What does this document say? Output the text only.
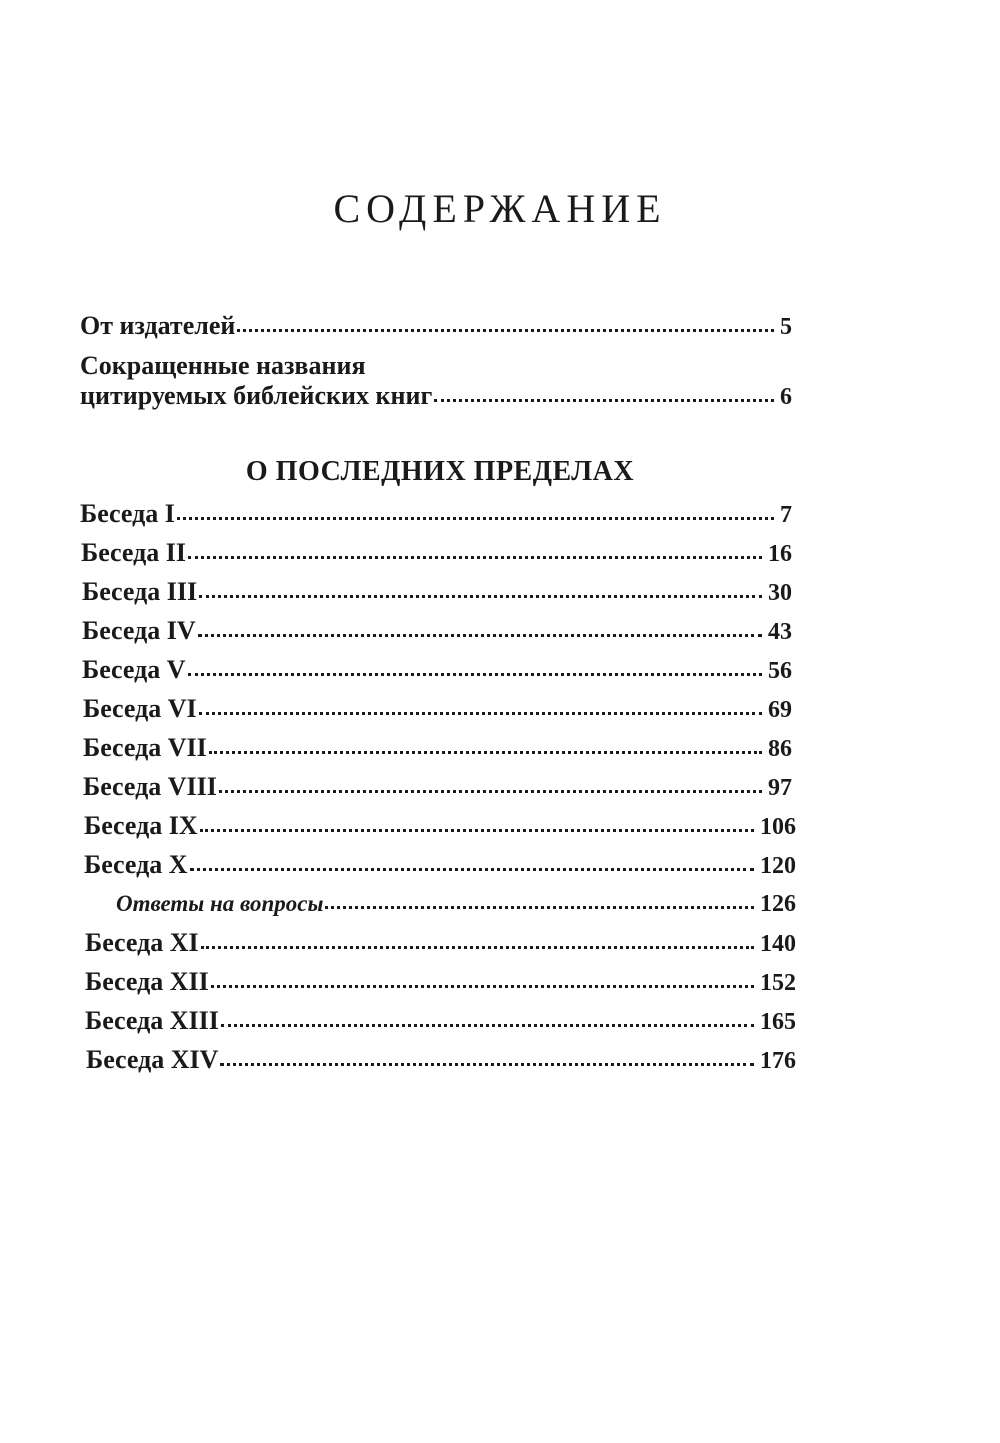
СОДЕРЖАНИЕ
От издателей	5
Сокращенные названия
цитируемых библейских книг	6
О ПОСЛЕДНИХ ПРЕДЕЛАХ
Беседа I	7
Беседа II	16
Беседа III	30
Беседа IV	43
Беседа V	56
Беседа VI	69
Беседа VII	86
Беседа VIII	97
Беседа IX	106
Беседа X	120
Ответы на вопросы	126
Беседа XI	140
Беседа XII	152
Беседа XIII	165
Беседа XIV	176
